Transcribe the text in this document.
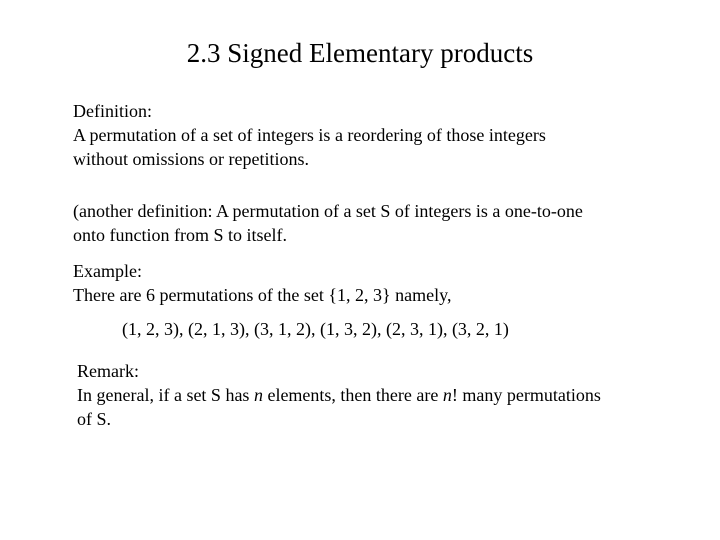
2.3 Signed Elementary products

Definition:

A permutation of a set of integers is a reordering of those integers

without omissions or repetitions.

(another definition: A permutation of a set S of integers is a one-to-one

onto function from S to itself.

Example:

There are 6 permutations of the set {1, 2, 3} namely,

(1, 2, 3), (2, 1, 3), (3, 1, 2), (1, 3, 2), (2, 3, 1), (3, 2, 1)

Remark:

In general, if a set S has n elements, then there are n! many permutations

of S.
